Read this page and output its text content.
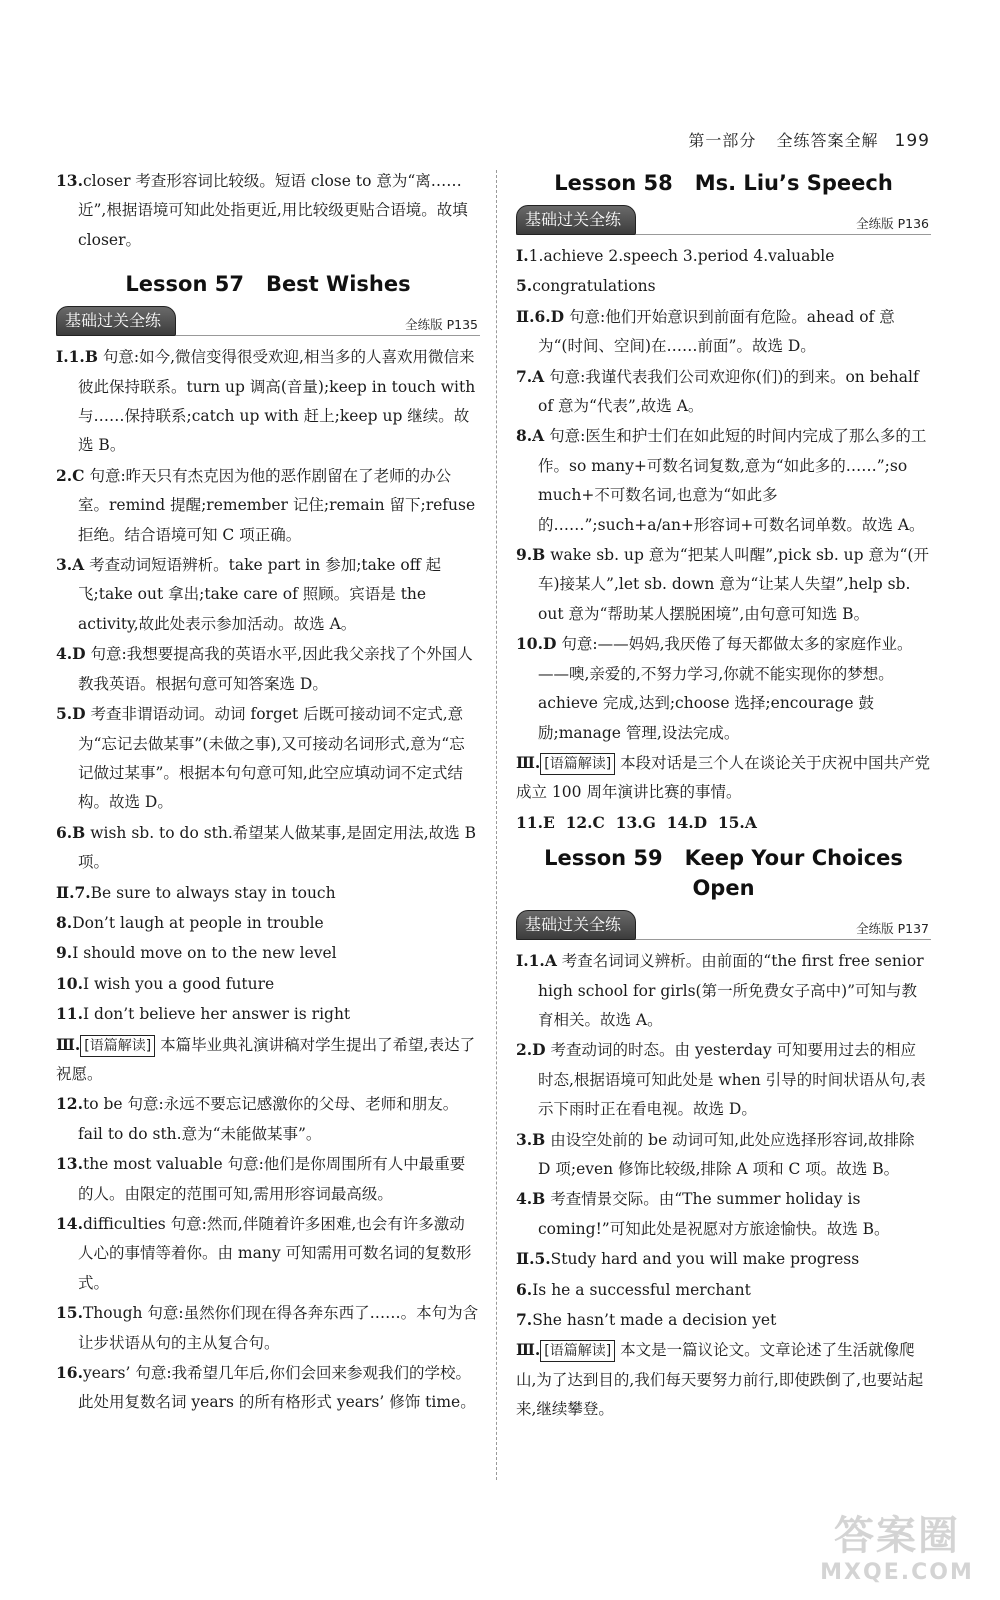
第一部分 全练答案全解 199

13.closer 考查形容词比较级。短语 close to 意为“离……近”,根据语境可知此处指更近,用比较级更贴合语境。故填 closer。

Lesson 57 Best Wishes
基础过关全练	全练版 P135

Ⅰ.1.B 句意:如今,微信变得很受欢迎,相当多的人喜欢用微信来彼此保持联系。turn up 调高(音量);keep in touch with 与……保持联系;catch up with 赶上;keep up 继续。故选 B。

2.C 句意:昨天只有杰克因为他的恶作剧留在了老师的办公室。remind 提醒;remember 记住;remain 留下;refuse 拒绝。结合语境可知 C 项正确。

3.A 考查动词短语辨析。take part in 参加;take off 起飞;take out 拿出;take care of 照顾。宾语是 the activity,故此处表示参加活动。故选 A。

4.D 句意:我想要提高我的英语水平,因此我父亲找了个外国人教我英语。根据句意可知答案选 D。

5.D 考查非谓语动词。动词 forget 后既可接动词不定式,意为“忘记去做某事”(未做之事),又可接动名词形式,意为“忘记做过某事”。根据本句句意可知,此空应填动词不定式结构。故选 D。

6.B wish sb. to do sth.希望某人做某事,是固定用法,故选 B 项。

Ⅱ.7.Be sure to always stay in touch

8.Don’t laugh at people in trouble

9.I should move on to the new level

10.I wish you a good future

11.I don’t believe her answer is right

Ⅲ. [语篇解读] 本篇毕业典礼演讲稿对学生提出了希望,表达了祝愿。

12.to be 句意:永远不要忘记感激你的父母、老师和朋友。fail to do sth.意为“未能做某事”。

13.the most valuable 句意:他们是你周围所有人中最重要的人。由限定的范围可知,需用形容词最高级。

14.difficulties 句意:然而,伴随着许多困难,也会有许多激动人心的事情等着你。由 many 可知需用可数名词的复数形式。

15.Though 句意:虽然你们现在得各奔东西了……。本句为含让步状语从句的主从复合句。

16.years’ 句意:我希望几年后,你们会回来参观我们的学校。此处用复数名词 years 的所有格形式 years’ 修饰 time。

Lesson 58 Ms. Liu’s Speech
基础过关全练	全练版 P136

Ⅰ.1.achieve 2.speech 3.period 4.valuable

5.congratulations

Ⅱ.6.D 句意:他们开始意识到前面有危险。ahead of 意为“(时间、空间)在……前面”。故选 D。

7.A 句意:我谨代表我们公司欢迎你(们)的到来。on behalf of 意为“代表”,故选 A。

8.A 句意:医生和护士们在如此短的时间内完成了那么多的工作。so many+可数名词复数,意为“如此多的……”;so much+不可数名词,也意为“如此多的……”;such+a/an+形容词+可数名词单数。故选 A。

9.B wake sb. up 意为“把某人叫醒”,pick sb. up 意为“(开车)接某人”,let sb. down 意为“让某人失望”,help sb. out 意为“帮助某人摆脱困境”,由句意可知选 B。

10.D 句意:——妈妈,我厌倦了每天都做太多的家庭作业。——噢,亲爱的,不努力学习,你就不能实现你的梦想。achieve 完成,达到;choose 选择;encourage 鼓励;manage 管理,设法完成。

Ⅲ. [语篇解读] 本段对话是三个人在谈论关于庆祝中国共产党成立 100 周年演讲比赛的事情。

11.E  12.C  13.G  14.D  15.A

Lesson 59 Keep Your Choices Open
基础过关全练	全练版 P137

Ⅰ.1.A 考查名词词义辨析。由前面的“the first free senior high school for girls(第一所免费女子高中)”可知与教育相关。故选 A。

2.D 考查动词的时态。由 yesterday 可知要用过去的相应时态,根据语境可知此处是 when 引导的时间状语从句,表示下雨时正在看电视。故选 D。

3.B 由设空处前的 be 动词可知,此处应选择形容词,故排除 D 项;even 修饰比较级,排除 A 项和 C 项。故选 B。

4.B 考查情景交际。由“The summer holiday is coming!”可知此处是祝愿对方旅途愉快。故选 B。

Ⅱ.5.Study hard and you will make progress

6.Is he a successful merchant

7.She hasn’t made a decision yet

Ⅲ. [语篇解读] 本文是一篇议论文。文章论述了生活就像爬山,为了达到目的,我们每天要努力前行,即使跌倒了,也要站起来,继续攀登。

答案圈
MXQE.COM
